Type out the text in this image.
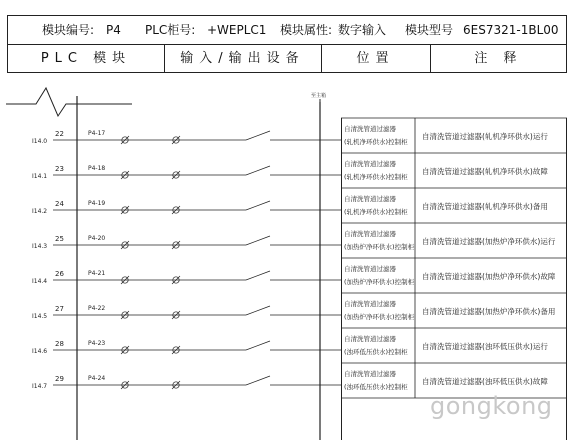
模块编号: P4 PLC柜号: +WEPLC1 模块属性: 数字输入 模块型号 6ES7321-1BL00
PLC 模块	输入/输出设备	位置	注 释
至主箱
I14.0
22	P4-17
自清洗管道过滤器
(轧机净环供水)控制柜
自清洗管道过滤器(轧机净环供水)运行
I14.1
23	P4-18
自清洗管道过滤器
(轧机净环供水)控制柜
自清洗管道过滤器(轧机净环供水)故障
I14.2
24	P4-19
自清洗管道过滤器
(轧机净环供水)控制柜
自清洗管道过滤器(轧机净环供水)备用
I14.3
25	P4-20
自清洗管道过滤器
(加热炉净环供水)控制柜
自清洗管道过滤器(加热炉净环供水)运行
I14.4
26	P4-21
自清洗管道过滤器
(加热炉净环供水)控制柜
自清洗管道过滤器(加热炉净环供水)故障
I14.5
27	P4-22
自清洗管道过滤器
(加热炉净环供水)控制柜
自清洗管道过滤器(加热炉净环供水)备用
I14.6
28	P4-23
自清洗管道过滤器
(浊环低压供水)控制柜
自清洗管道过滤器(浊环低压供水)运行
I14.7
29	P4-24
自清洗管道过滤器
(浊环低压供水)控制柜
自清洗管道过滤器(浊环低压供水)故障
gongkong
